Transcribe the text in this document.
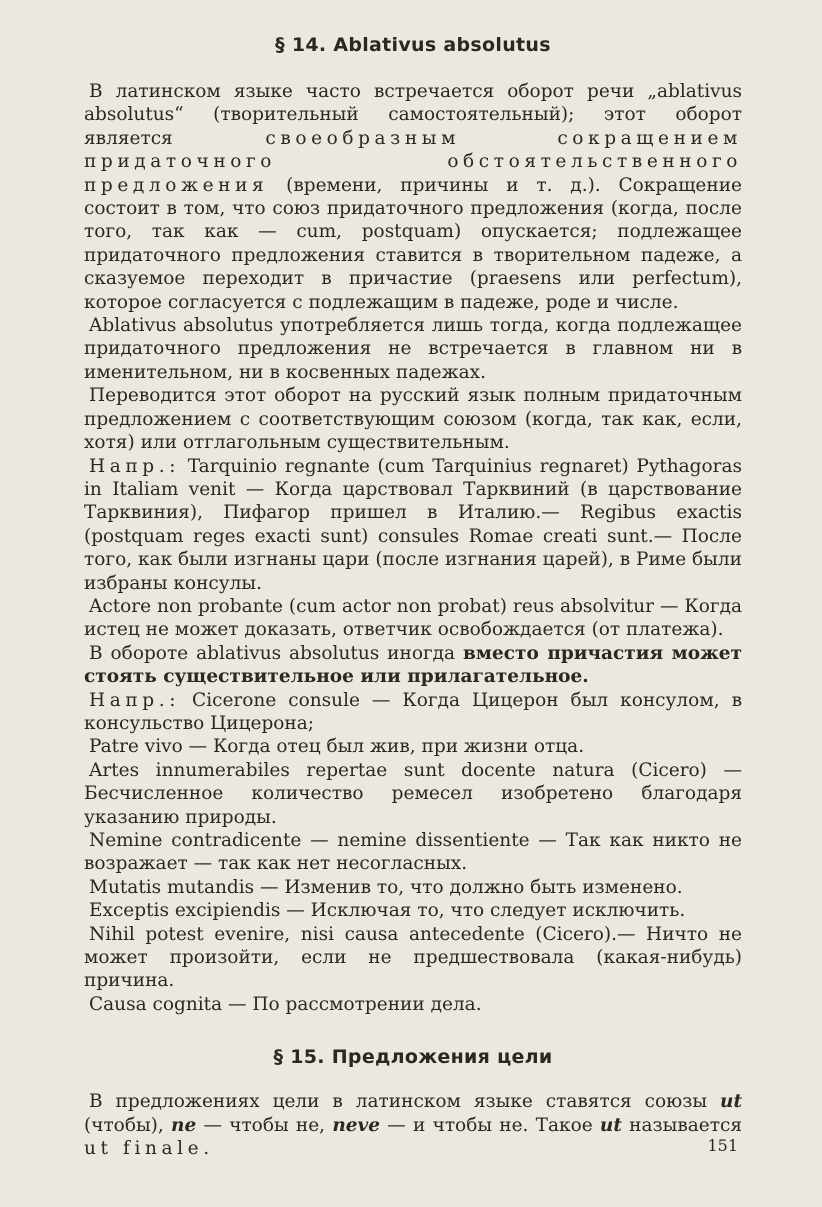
§ 14. Ablativus absolutus

В латинском языке часто встречается оборот речи „ablativus absolutus“ (творительный самостоятельный); этот оборот является своеобразным сокращением придаточного обстоятельственного предложения (времени, причины и т. д.). Сокращение состоит в том, что союз придаточного предложения (когда, после того, так как — cum, postquam) опускается; подлежащее придаточного предложения ставится в творительном падеже, а сказуемое переходит в причастие (praesens или perfectum), которое согласуется с подлежащим в падеже, роде и числе.

Ablativus absolutus употребляется лишь тогда, когда подлежащее придаточного предложения не встречается в главном ни в именительном, ни в косвенных падежах.

Переводится этот оборот на русский язык полным придаточным предложением с соответствующим союзом (когда, так как, если, хотя) или отглагольным существительным.

Напр.: Tarquinio regnante (cum Tarquinius regnaret) Pythagoras in Italiam venit — Когда царствовал Тарквиний (в царствование Тарквиния), Пифагор пришел в Италию.— Regibus exactis (postquam reges exacti sunt) consules Romae creati sunt.— После того, как были изгнаны цари (после изгнания царей), в Риме были избраны консулы.

Actore non probante (cum actor non probat) reus absolvitur — Когда истец не может доказать, ответчик освобождается (от платежа).

В обороте ablativus absolutus иногда вместо причастия может стоять существительное или прилагательное.

Напр.: Cicerone consule — Когда Цицерон был консулом, в консульство Цицерона;

Patre vivo — Когда отец был жив, при жизни отца.

Artes innumerabiles repertae sunt docente natura (Cicero) — Бесчисленное количество ремесел изобретено благодаря указанию природы.

Nemine contradicente — nemine dissentiente — Так как никто не возражает — так как нет несогласных.

Mutatis mutandis — Изменив то, что должно быть изменено.

Exceptis excipiendis — Исключая то, что следует исключить.

Nihil potest evenire, nisi causa antecedente (Cicero).— Ничто не может произойти, если не предшествовала (какая-нибудь) причина.

Causa cognita — По рассмотрении дела.

§ 15. Предложения цели

В предложениях цели в латинском языке ставятся союзы ut (чтобы), ne — чтобы не, neve — и чтобы не. Такое ut называется ut finale.	151
